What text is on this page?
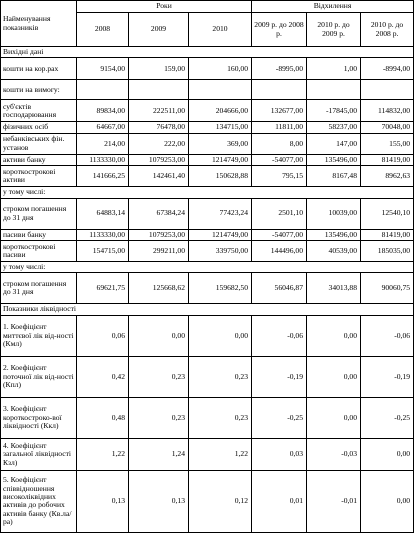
Найменування показників	Роки			Відхилення		
	2008	2009	2010	2009 р. до 2008 р.	2010 р. до 2009 р.	2010 р. до 2008 р.
Вихідні дані						
кошти на кор.рах	9154,00	159,00	160,00	-8995,00	1,00	-8994,00
кошти на вимогу:						
суб'єктів господарювання	89834,00	222511,00	204666,00	132677,00	-17845,00	114832,00
фізичних осіб	64667,00	76478,00	134715,00	11811,00	58237,00	70048,00
небанківських фін. установ	214,00	222,00	369,00	8,00	147,00	155,00
активи банку	1133330,00	1079253,00	1214749,00	-54077,00	135496,00	81419,00
короткострокові активи	141666,25	142461,40	150628,88	795,15	8167,48	8962,63
у тому числі:						
строком погашення до 31 дня	64883,14	67384,24	77423,24	2501,10	10039,00	12540,10
пасиви банку	1133330,00	1079253,00	1214749,00	-54077,00	135496,00	81419,00
короткострокові пасиви	154715,00	299211,00	339750,00	144496,00	40539,00	185035,00
у тому числі:						
строком погашення до 31 дня	69621,75	125668,62	159682,50	56046,87	34013,88	90060,75
Показники ліквідності						
1. Коефіцієнт миттєвої лік від-ності (Кмл)	0,06	0,00	0,00	-0,06	0,00	-0,06
2. Коефіцієнт поточної лік від-ності (Кпл)	0,42	0,23	0,23	-0,19	0,00	-0,19
3. Коефіцієнт короткостроко-вої ліквідності (Ккл)	0,48	0,23	0,23	-0,25	0,00	-0,25
4. Коефіцієнт загальної ліквідності Кзл)	1,22	1,24	1,22	0,03	-0,03	0,00
5. Коефіцієнт співвідношення високоліквідних активів до робочих активів банку (Кв.ла/ра)	0,13	0,13	0,12	0,01	-0,01	0,00
